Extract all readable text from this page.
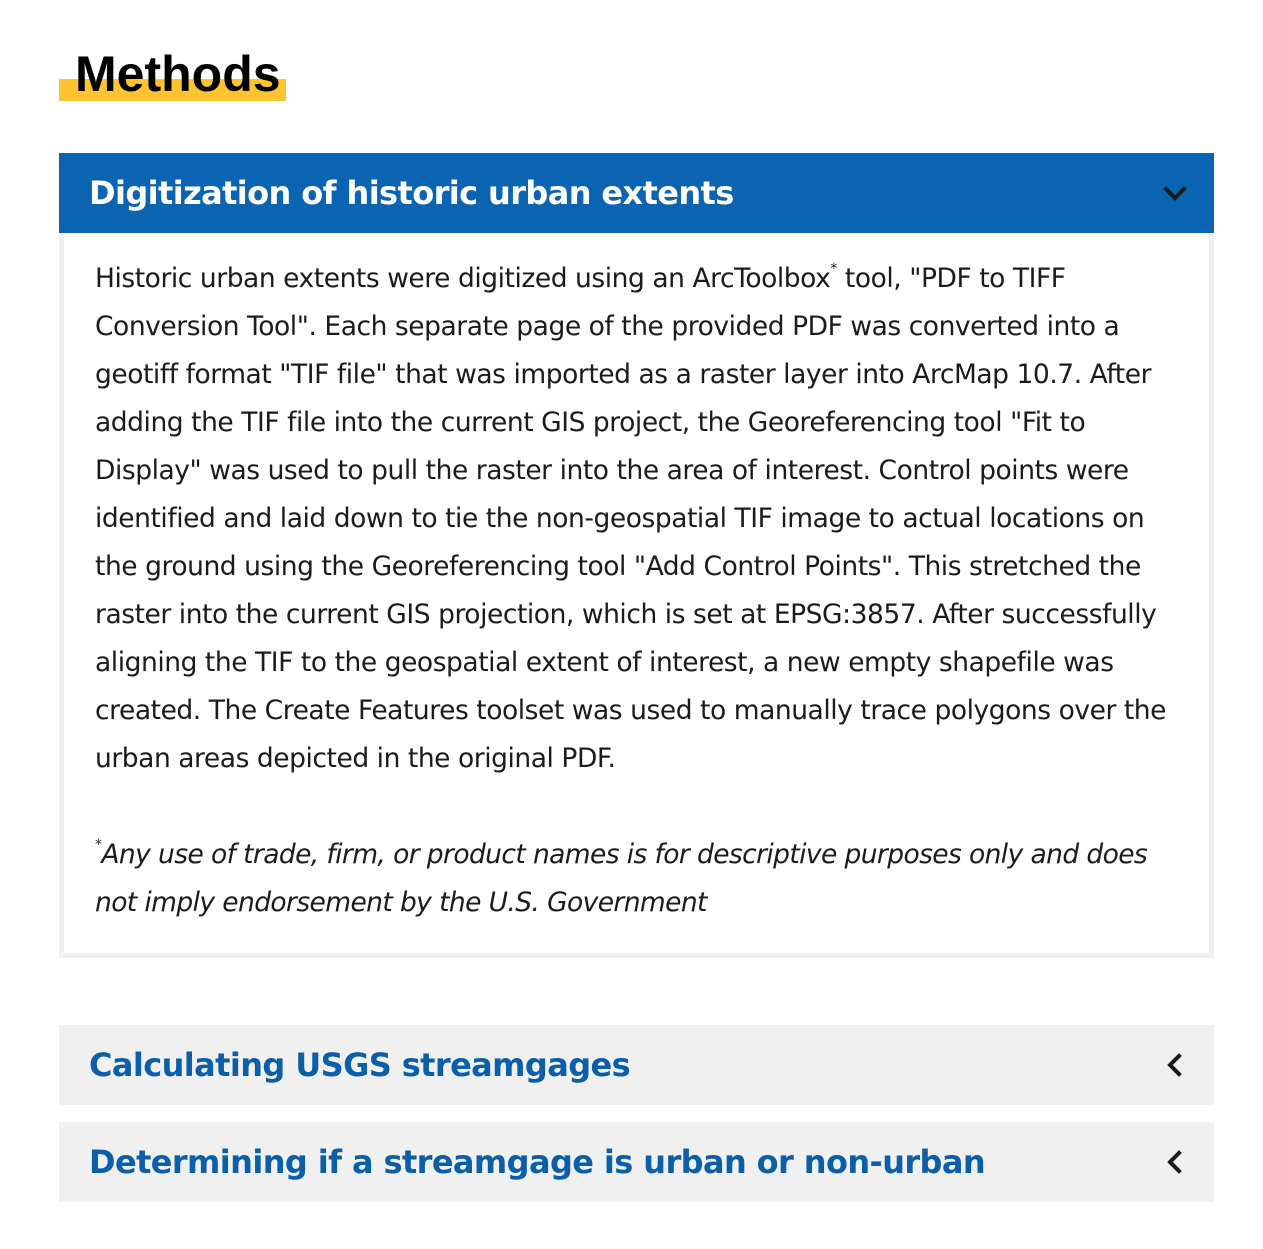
Methods
Digitization of historic urban extents

Historic urban extents were digitized using an ArcToolbox* tool, "PDF to TIFF Conversion Tool". Each separate page of the provided PDF was converted into a geotiff format "TIF file" that was imported as a raster layer into ArcMap 10.7. After adding the TIF file into the current GIS project, the Georeferencing tool "Fit to Display" was used to pull the raster into the area of interest. Control points were identified and laid down to tie the non-geospatial TIF image to actual locations on the ground using the Georeferencing tool "Add Control Points". This stretched the raster into the current GIS projection, which is set at EPSG:3857. After successfully aligning the TIF to the geospatial extent of interest, a new empty shapefile was created. The Create Features toolset was used to manually trace polygons over the urban areas depicted in the original PDF.

*Any use of trade, firm, or product names is for descriptive purposes only and does not imply endorsement by the U.S. Government

Calculating USGS streamgages
Determining if a streamgage is urban or non-urban
